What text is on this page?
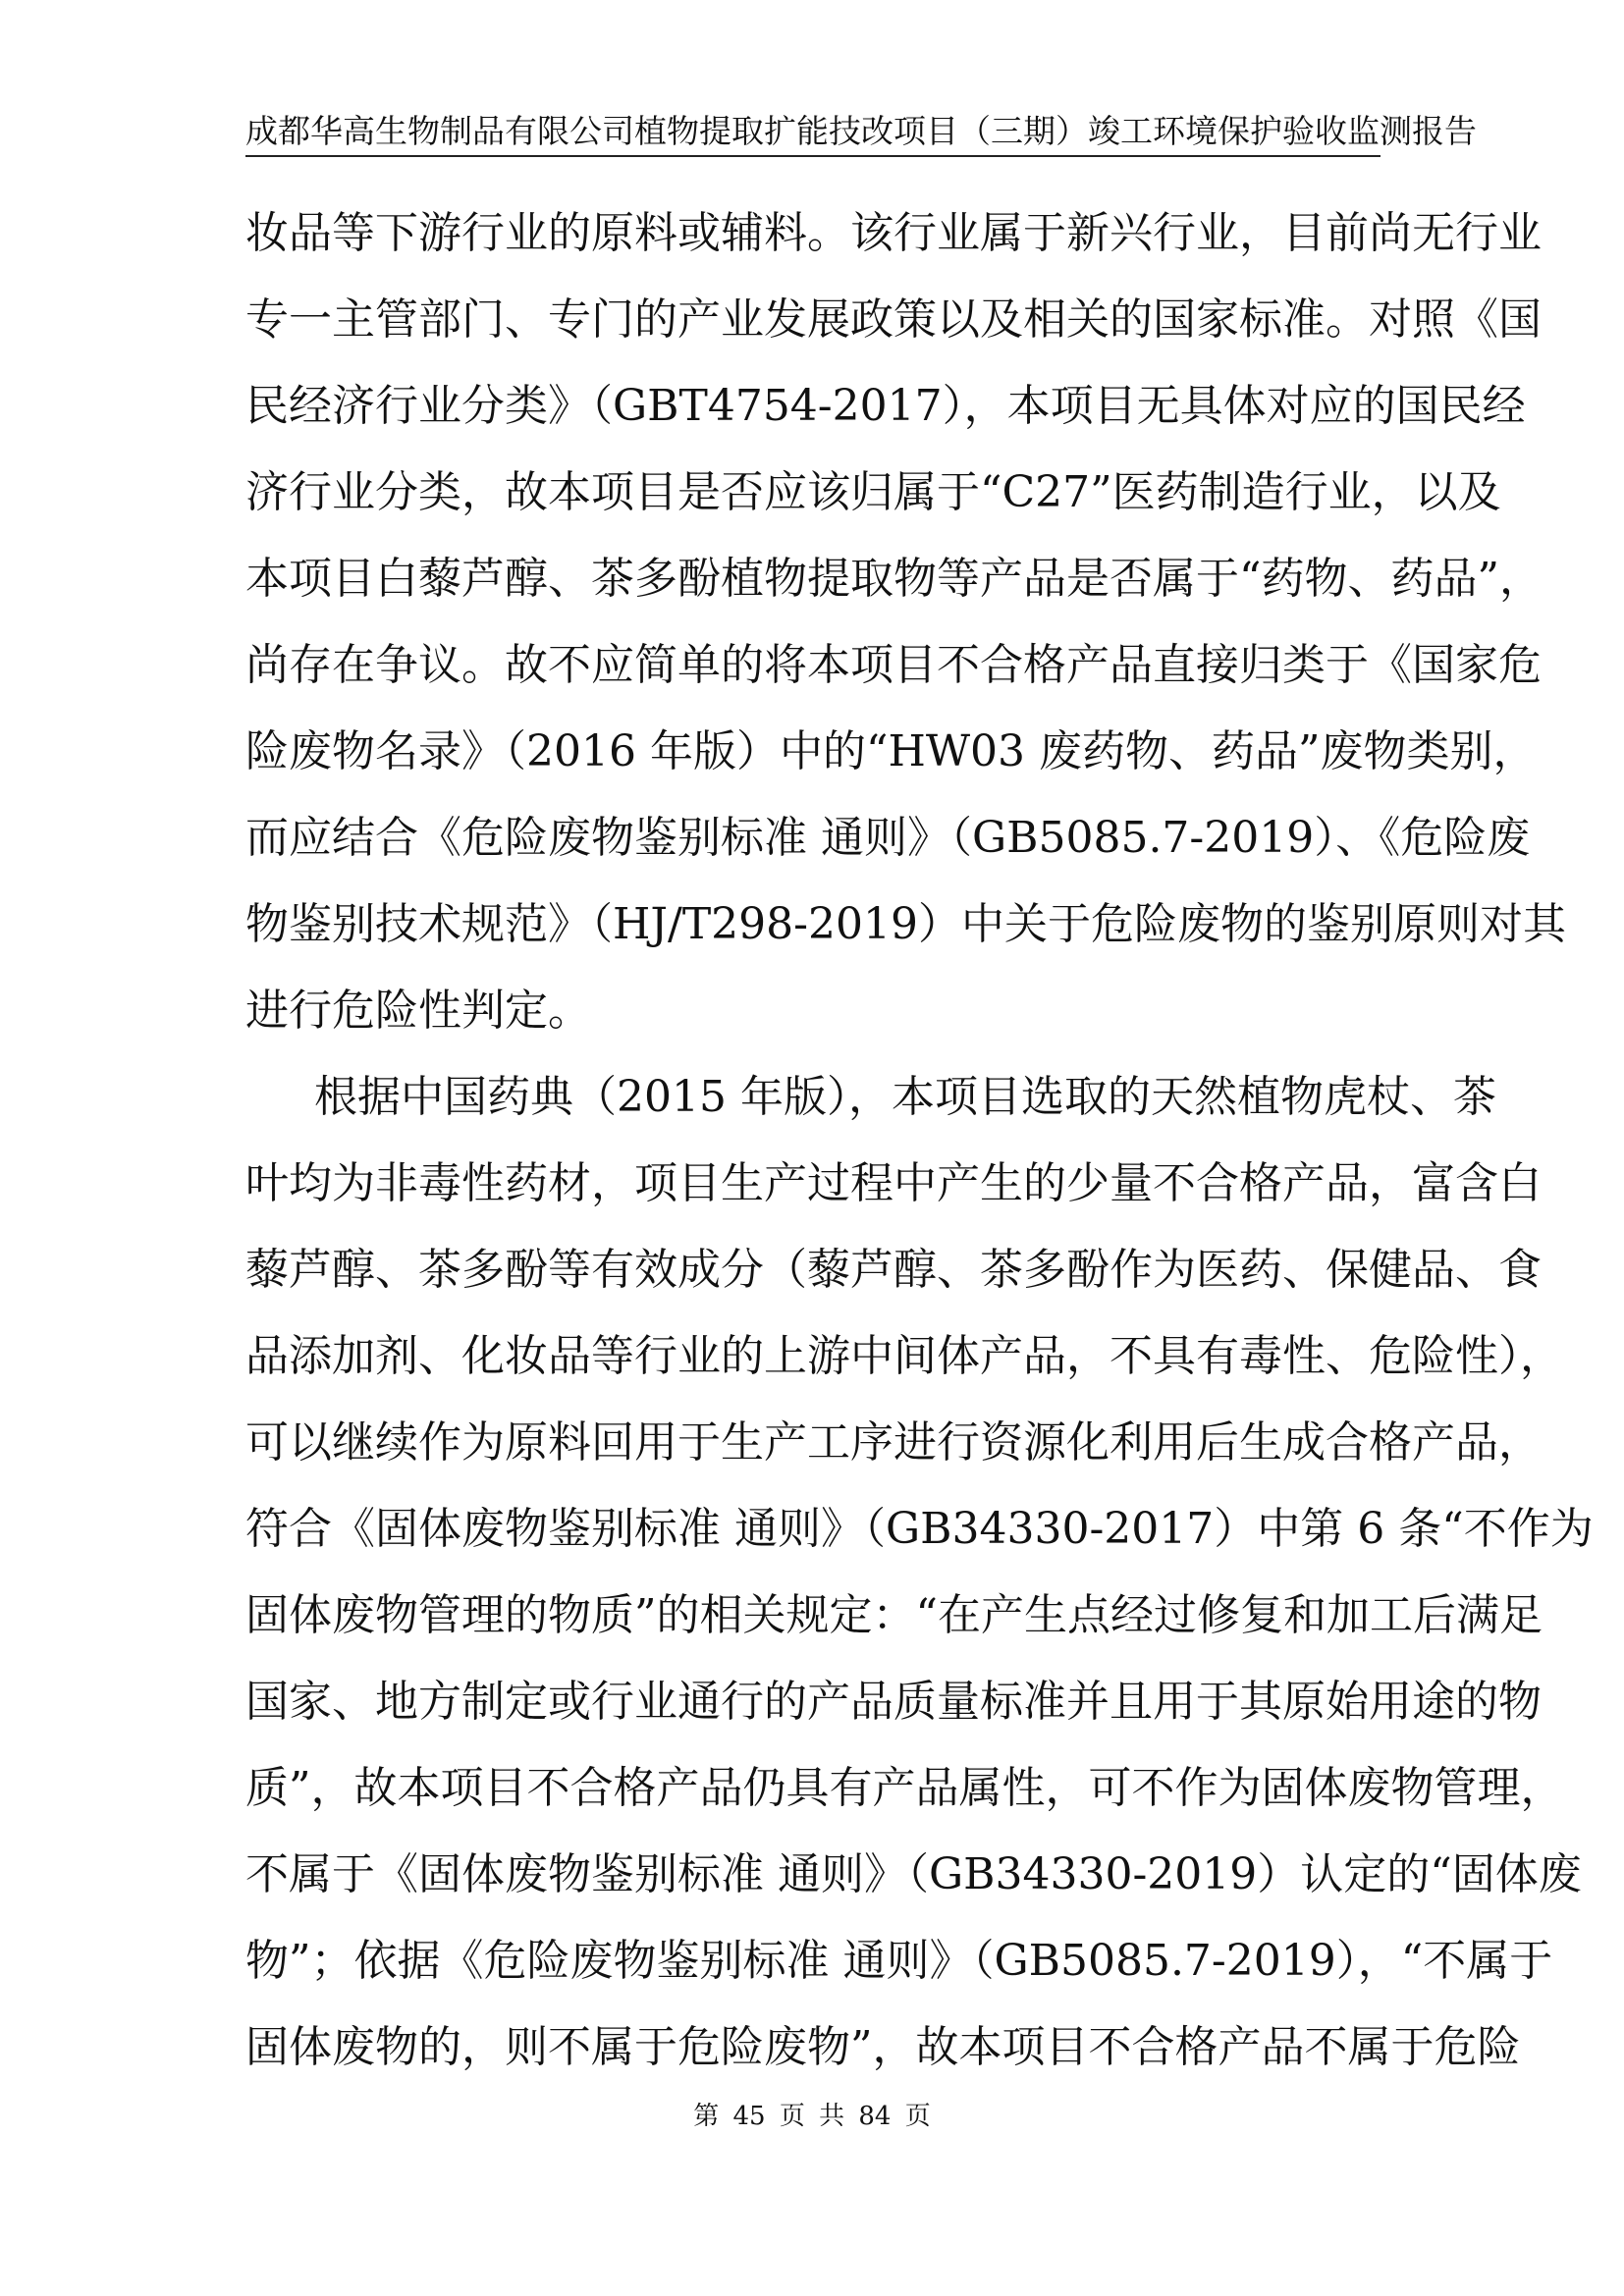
成都华高生物制品有限公司植物提取扩能技改项目（三期）竣工环境保护验收监测报告
妆品等下游行业的原料或辅料。该行业属于新兴行业，目前尚无行业
专一主管部门、专门的产业发展政策以及相关的国家标准。对照《国
民经济行业分类》（GBT4754-2017），本项目无具体对应的国民经
济行业分类，故本项目是否应该归属于“C27”医药制造行业，以及
本项目白藜芦醇、茶多酚植物提取物等产品是否属于“药物、药品”，
尚存在争议。故不应简单的将本项目不合格产品直接归类于《国家危
险废物名录》（2016 年版）中的“HW03 废药物、药品”废物类别，
而应结合《危险废物鉴别标准 通则》（GB5085.7-2019）、《危险废
物鉴别技术规范》（HJ/T298-2019）中关于危险废物的鉴别原则对其
进行危险性判定。
根据中国药典（2015 年版），本项目选取的天然植物虎杖、茶
叶均为非毒性药材，项目生产过程中产生的少量不合格产品，富含白
藜芦醇、茶多酚等有效成分（藜芦醇、茶多酚作为医药、保健品、食
品添加剂、化妆品等行业的上游中间体产品，不具有毒性、危险性），
可以继续作为原料回用于生产工序进行资源化利用后生成合格产品，
符合《固体废物鉴别标准 通则》（GB34330-2017）中第 6 条“不作为
固体废物管理的物质”的相关规定：“在产生点经过修复和加工后满足
国家、地方制定或行业通行的产品质量标准并且用于其原始用途的物
质”，故本项目不合格产品仍具有产品属性，可不作为固体废物管理，
不属于《固体废物鉴别标准 通则》（GB34330-2019）认定的“固体废
物”；依据《危险废物鉴别标准 通则》（GB5085.7-2019），“不属于
固体废物的，则不属于危险废物”，故本项目不合格产品不属于危险
第 45 页 共 84 页
